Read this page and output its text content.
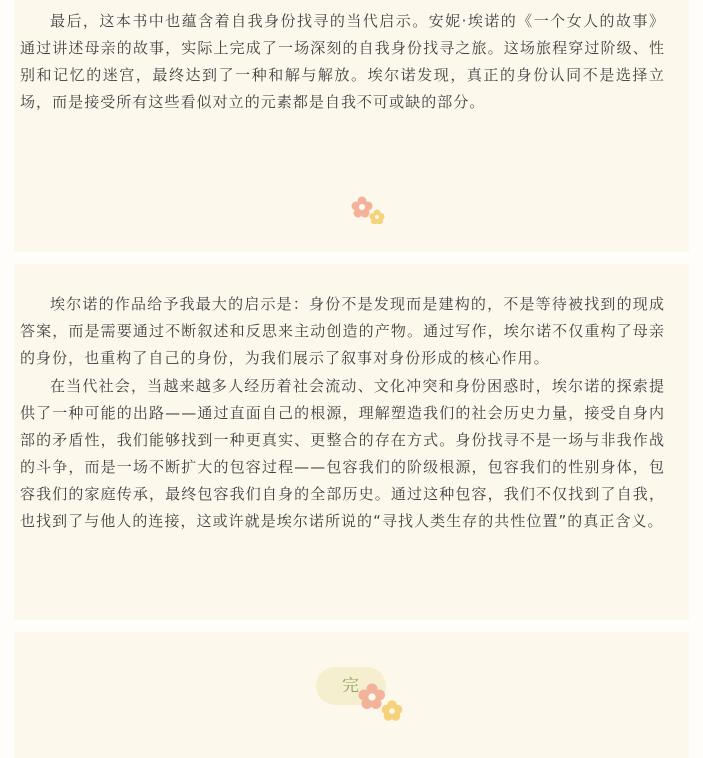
最后，这本书中也蕴含着自我身份找寻的当代启示。安妮·埃诺的《一个女人的故事》通过讲述母亲的故事，实际上完成了一场深刻的自我身份找寻之旅。这场旅程穿过阶级、性别和记忆的迷宫，最终达到了一种和解与解放。埃尔诺发现，真正的身份认同不是选择立场，而是接受所有这些看似对立的元素都是自我不可或缺的部分。

埃尔诺的作品给予我最大的启示是：身份不是发现而是建构的，不是等待被找到的现成答案，而是需要通过不断叙述和反思来主动创造的产物。通过写作，埃尔诺不仅重构了母亲的身份，也重构了自己的身份，为我们展示了叙事对身份形成的核心作用。

在当代社会，当越来越多人经历着社会流动、文化冲突和身份困惑时，埃尔诺的探索提供了一种可能的出路——通过直面自己的根源，理解塑造我们的社会历史力量，接受自身内部的矛盾性，我们能够找到一种更真实、更整合的存在方式。身份找寻不是一场与非我作战的斗争，而是一场不断扩大的包容过程——包容我们的阶级根源，包容我们的性别身体，包容我们的家庭传承，最终包容我们自身的全部历史。通过这种包容，我们不仅找到了自我，也找到了与他人的连接，这或许就是埃尔诺所说的“寻找人类生存的共性位置”的真正含义。

完
